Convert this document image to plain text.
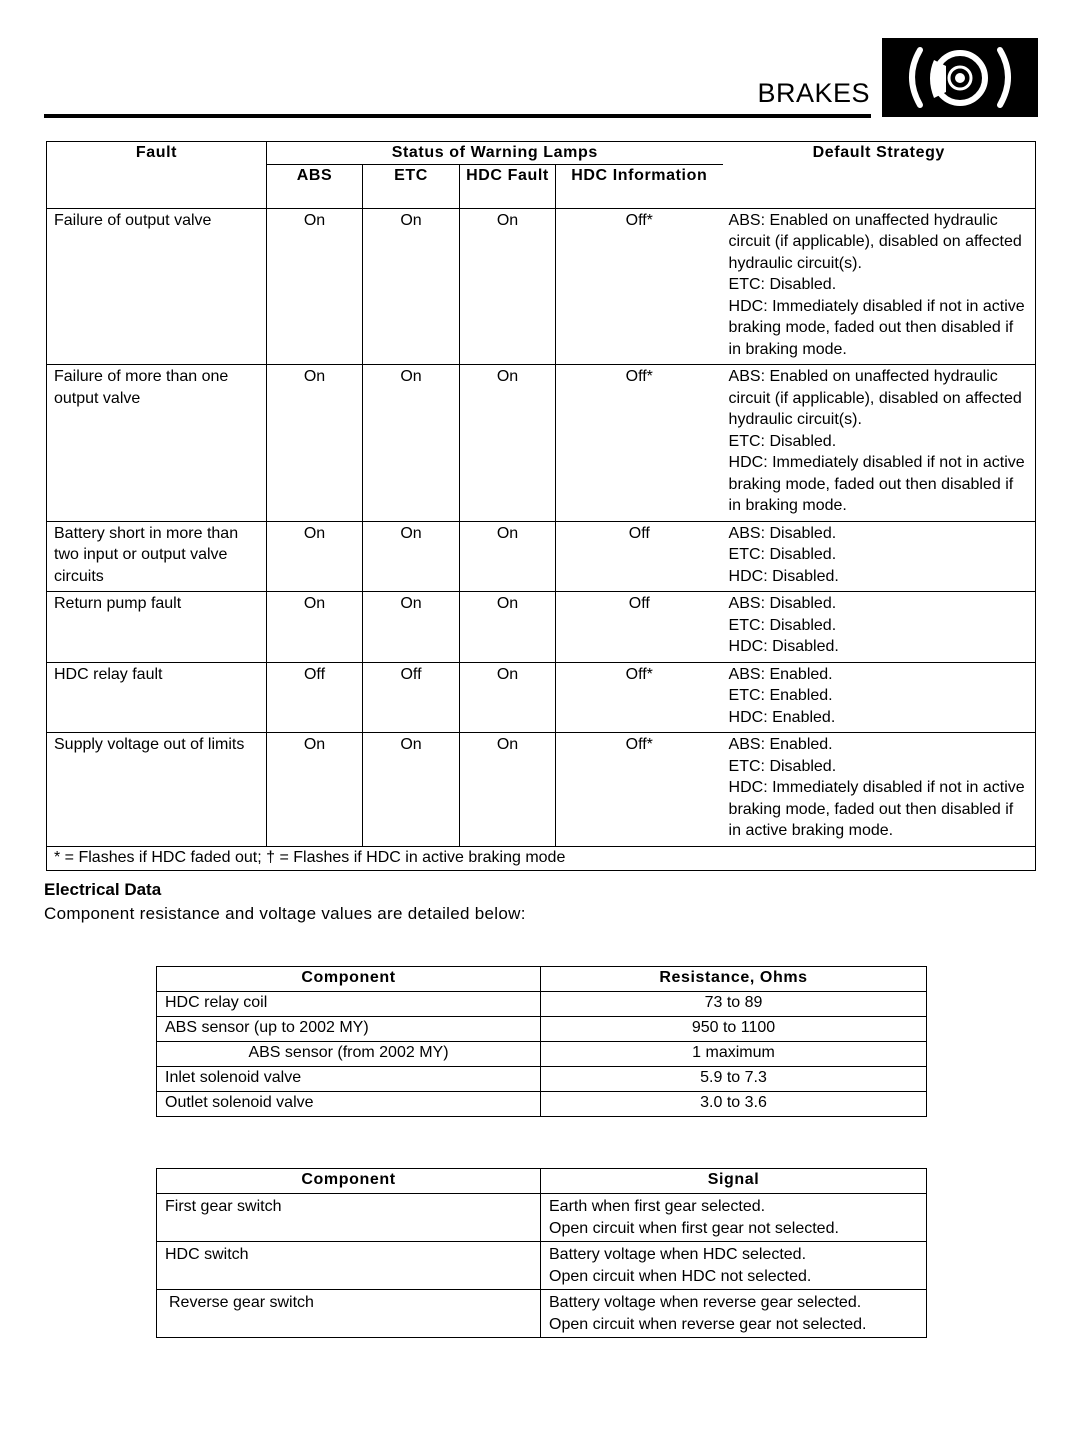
BRAKES
Fault	Status of Warning Lamps				Default Strategy
	ABS	ETC	HDC Fault	HDC Information	
Failure of output valve	On	On	On	Off*	ABS: Enabled on unaffected hydraulic circuit (if applicable), disabled on affected hydraulic circuit(s).
ETC: Disabled.
HDC: Immediately disabled if not in active braking mode, faded out then disabled if in braking mode.

Failure of more than one output valve	On	On	On	Off*	ABS: Enabled on unaffected hydraulic circuit (if applicable), disabled on affected hydraulic circuit(s).
ETC: Disabled.
HDC: Immediately disabled if not in active braking mode, faded out then disabled if in braking mode.

Battery short in more than two input or output valve circuits	On	On	On	Off	ABS: Disabled.
ETC: Disabled.
HDC: Disabled.

Return pump fault	On	On	On	Off	ABS: Disabled.
ETC: Disabled.
HDC: Disabled.

HDC relay fault	Off	Off	On	Off*	ABS: Enabled.
ETC: Enabled.
HDC: Enabled.

Supply voltage out of limits	On	On	On	Off*	ABS: Enabled.
ETC: Disabled.
HDC: Immediately disabled if not in active braking mode, faded out then disabled if in active braking mode.

* = Flashes if HDC faded out; † = Flashes if HDC in active braking mode					
Electrical Data
Component resistance and voltage values are detailed below:
Component	Resistance, Ohms
HDC relay coil	73 to 89
ABS sensor (up to 2002 MY)	950 to 1100
ABS sensor (from 2002 MY)	1 maximum
Inlet solenoid valve	5.9 to 7.3
Outlet solenoid valve	3.0 to 3.6
Component	Signal
First gear switch	Earth when first gear selected.
Open circuit when first gear not selected.

HDC switch	Battery voltage when HDC selected.
Open circuit when HDC not selected.

Reverse gear switch	Battery voltage when reverse gear selected.
Open circuit when reverse gear not selected.
